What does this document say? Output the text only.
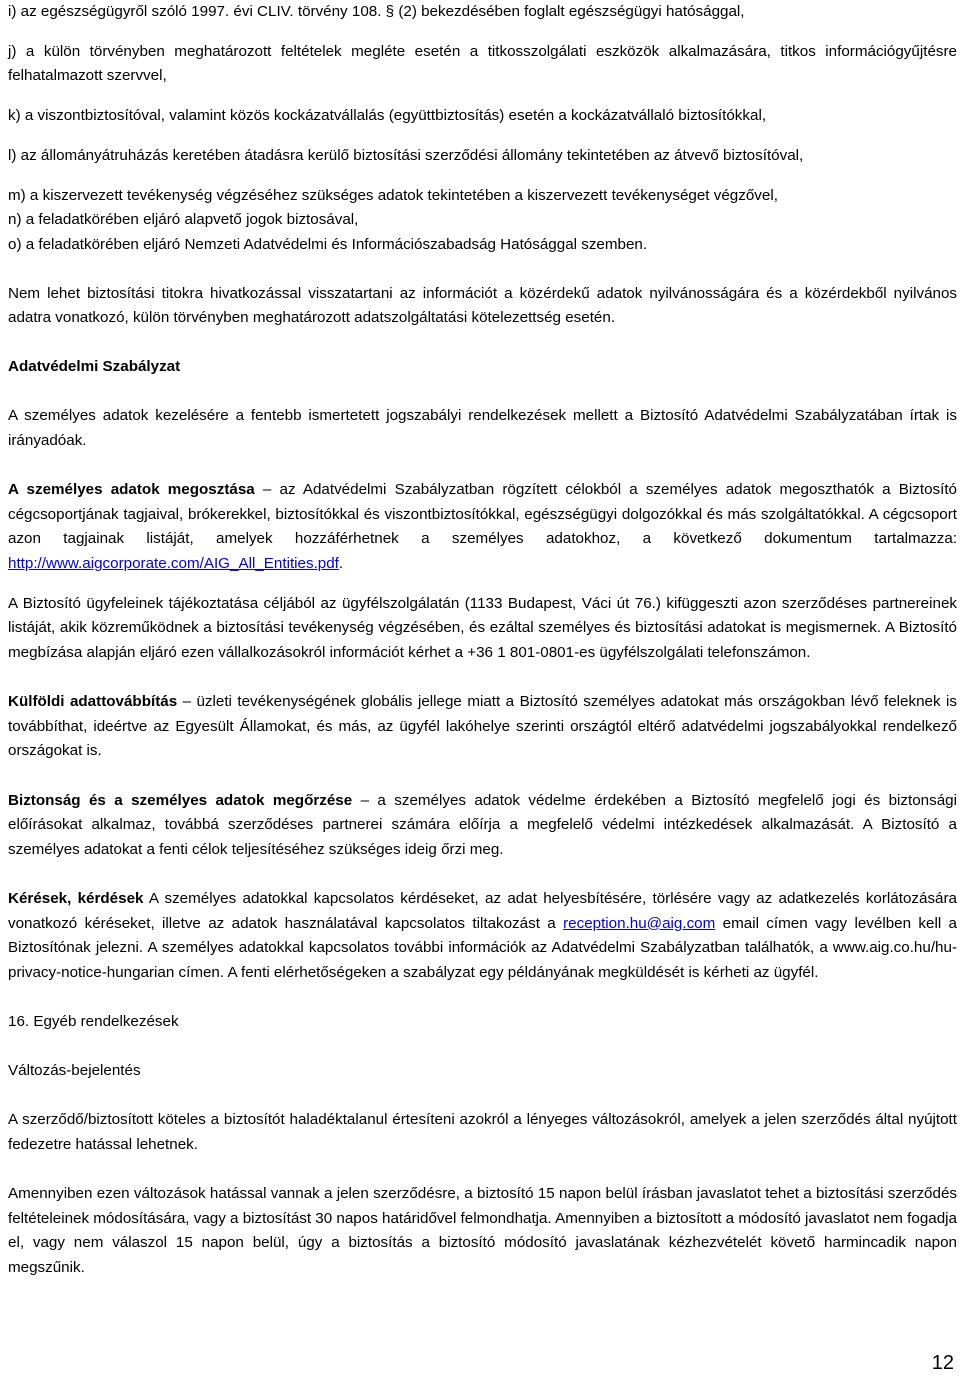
i) az egészségügyről szóló 1997. évi CLIV. törvény 108. § (2) bekezdésében foglalt egészségügyi hatósággal,

j) a külön törvényben meghatározott feltételek megléte esetén a titkosszolgálati eszközök alkalmazására, titkos információgyűjtésre felhatalmazott szervvel,

k) a viszontbiztosítóval, valamint közös kockázatvállalás (együttbiztosítás) esetén a kockázatvállaló biztosítókkal,

l) az állományátruházás keretében átadásra kerülő biztosítási szerződési állomány tekintetében az átvevő biztosítóval,

m) a kiszervezett tevékenység végzéséhez szükséges adatok tekintetében a kiszervezett tevékenységet végzővel,

n) a feladatkörében eljáró alapvető jogok biztosával,

o) a feladatkörében eljáró Nemzeti Adatvédelmi és Információszabadság Hatósággal szemben.

Nem lehet biztosítási titokra hivatkozással visszatartani az információt a közérdekű adatok nyilvánosságára és a közérdekből nyilvános adatra vonatkozó, külön törvényben meghatározott adatszolgáltatási kötelezettség esetén.

Adatvédelmi Szabályzat

A személyes adatok kezelésére a fentebb ismertetett jogszabályi rendelkezések mellett a Biztosító Adatvédelmi Szabályzatában írtak is irányadóak.

A személyes adatok megosztása – az Adatvédelmi Szabályzatban rögzített célokból a személyes adatok megoszthatók a Biztosító cégcsoportjának tagjaival, brókerekkel, biztosítókkal és viszontbiztosítókkal, egészségügyi dolgozókkal és más szolgáltatókkal. A cégcsoport azon tagjainak listáját, amelyek hozzáférhetnek a személyes adatokhoz, a következő dokumentum tartalmazza: http://www.aigcorporate.com/AIG_All_Entities.pdf.

A Biztosító ügyfeleinek tájékoztatása céljából az ügyfélszolgálatán (1133 Budapest, Váci út 76.) kifüggeszti azon szerződéses partnereinek listáját, akik közreműködnek a biztosítási tevékenység végzésében, és ezáltal személyes és biztosítási adatokat is megismernek. A Biztosító megbízása alapján eljáró ezen vállalkozásokról információt kérhet a +36 1 801-0801-es ügyfélszolgálati telefonszámon.

Külföldi adattovábbítás – üzleti tevékenységének globális jellege miatt a Biztosító személyes adatokat más országokban lévő feleknek is továbbíthat, ideértve az Egyesült Államokat, és más, az ügyfél lakóhelye szerinti országtól eltérő adatvédelmi jogszabályokkal rendelkező országokat is.

Biztonság és a személyes adatok megőrzése – a személyes adatok védelme érdekében a Biztosító megfelelő jogi és biztonsági előírásokat alkalmaz, továbbá szerződéses partnerei számára előírja a megfelelő védelmi intézkedések alkalmazását. A Biztosító a személyes adatokat a fenti célok teljesítéséhez szükséges ideig őrzi meg.

Kérések, kérdések A személyes adatokkal kapcsolatos kérdéseket, az adat helyesbítésére, törlésére vagy az adatkezelés korlátozására vonatkozó kéréseket, illetve az adatok használatával kapcsolatos tiltakozást a reception.hu@aig.com email címen vagy levélben kell a Biztosítónak jelezni. A személyes adatokkal kapcsolatos további információk az Adatvédelmi Szabályzatban találhatók, a www.aig.co.hu/hu-privacy-notice-hungarian címen. A fenti elérhetőségeken a szabályzat egy példányának megküldését is kérheti az ügyfél.

16. Egyéb rendelkezések

Változás-bejelentés

A szerződő/biztosított köteles a biztosítót haladéktalanul értesíteni azokról a lényeges változásokról, amelyek a jelen szerződés által nyújtott fedezetre hatással lehetnek.

Amennyiben ezen változások hatással vannak a jelen szerződésre, a biztosító 15 napon belül írásban javaslatot tehet a biztosítási szerződés feltételeinek módosítására, vagy a biztosítást 30 napos határidővel felmondhatja. Amennyiben a biztosított a módosító javaslatot nem fogadja el, vagy nem válaszol 15 napon belül, úgy a biztosítás a biztosító módosító javaslatának kézhezvételét követő harmincadik napon megszűnik.

12
